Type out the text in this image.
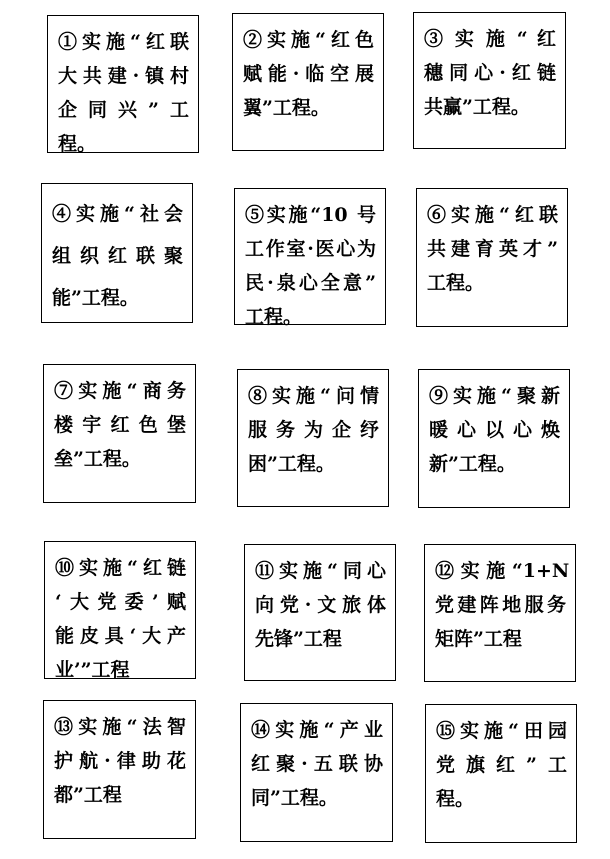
①实施“红联
大共建·镇村
企同兴”工
程。
②实施“红色
赋能·临空展
翼”工程。
③ 实 施 “ 红
穗同心·红链
共赢”工程。
④实施“社会
组织红联聚
能”工程。
⑤实施“10 号
工作室·医心为
民·泉心全意”
工程。
⑥实施“红联
共建育英才”
工程。
⑦实施“商务
楼宇红色堡
垒”工程。
⑧实施“问情
服务为企纾
困”工程。
⑨实施“聚新
暖心以心焕
新”工程。
⑩实施“红链
‘大党委’赋
能皮具‘大产
业’”工程
⑪实施“同心
向党·文旅体
先锋”工程
⑫ 实 施 “1+N
党建阵地服务
矩阵”工程
⑬实施“法智
护航·律助花
都”工程
⑭实施“产业
红聚·五联协
同”工程。
⑮实施“田园
党旗红”工
程。
